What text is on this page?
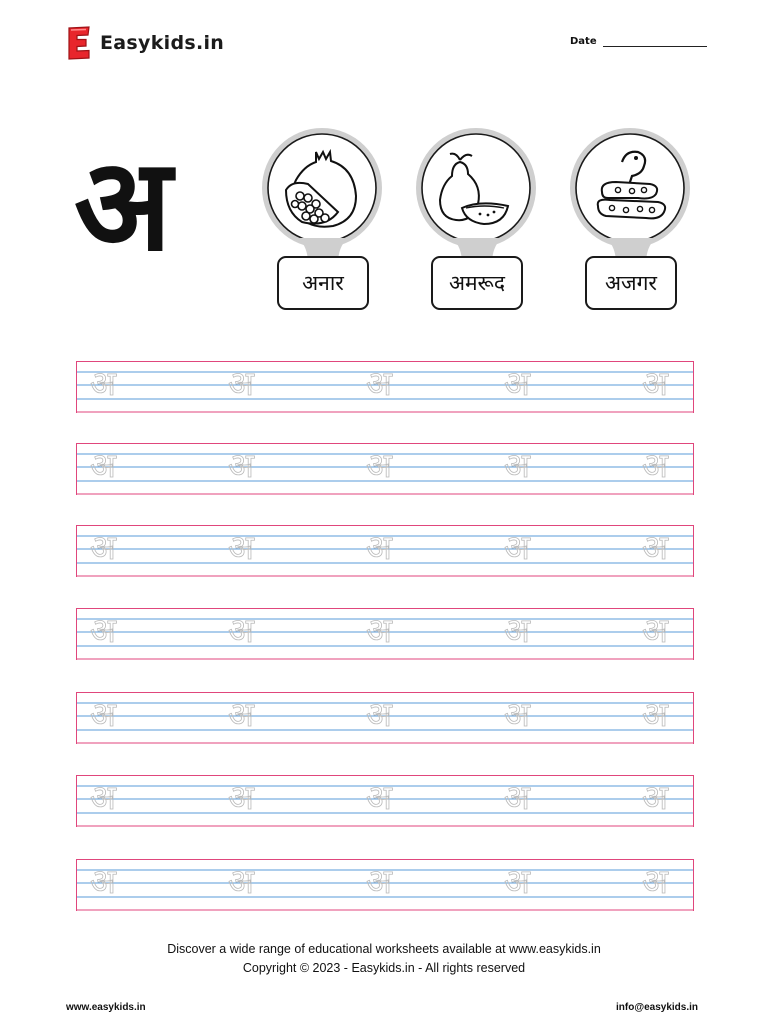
Easykids.in	Date
अ
अनार	अमरूद	अजगर
अ	अ	अ	अ	अ
अ	अ	अ	अ	अ
अ	अ	अ	अ	अ
अ	अ	अ	अ	अ
अ	अ	अ	अ	अ
अ	अ	अ	अ	अ
अ	अ	अ	अ	अ
Discover a wide range of educational worksheets available at www.easykids.in
Copyright © 2023 - Easykids.in - All rights reserved
www.easykids.in	info@easykids.in
